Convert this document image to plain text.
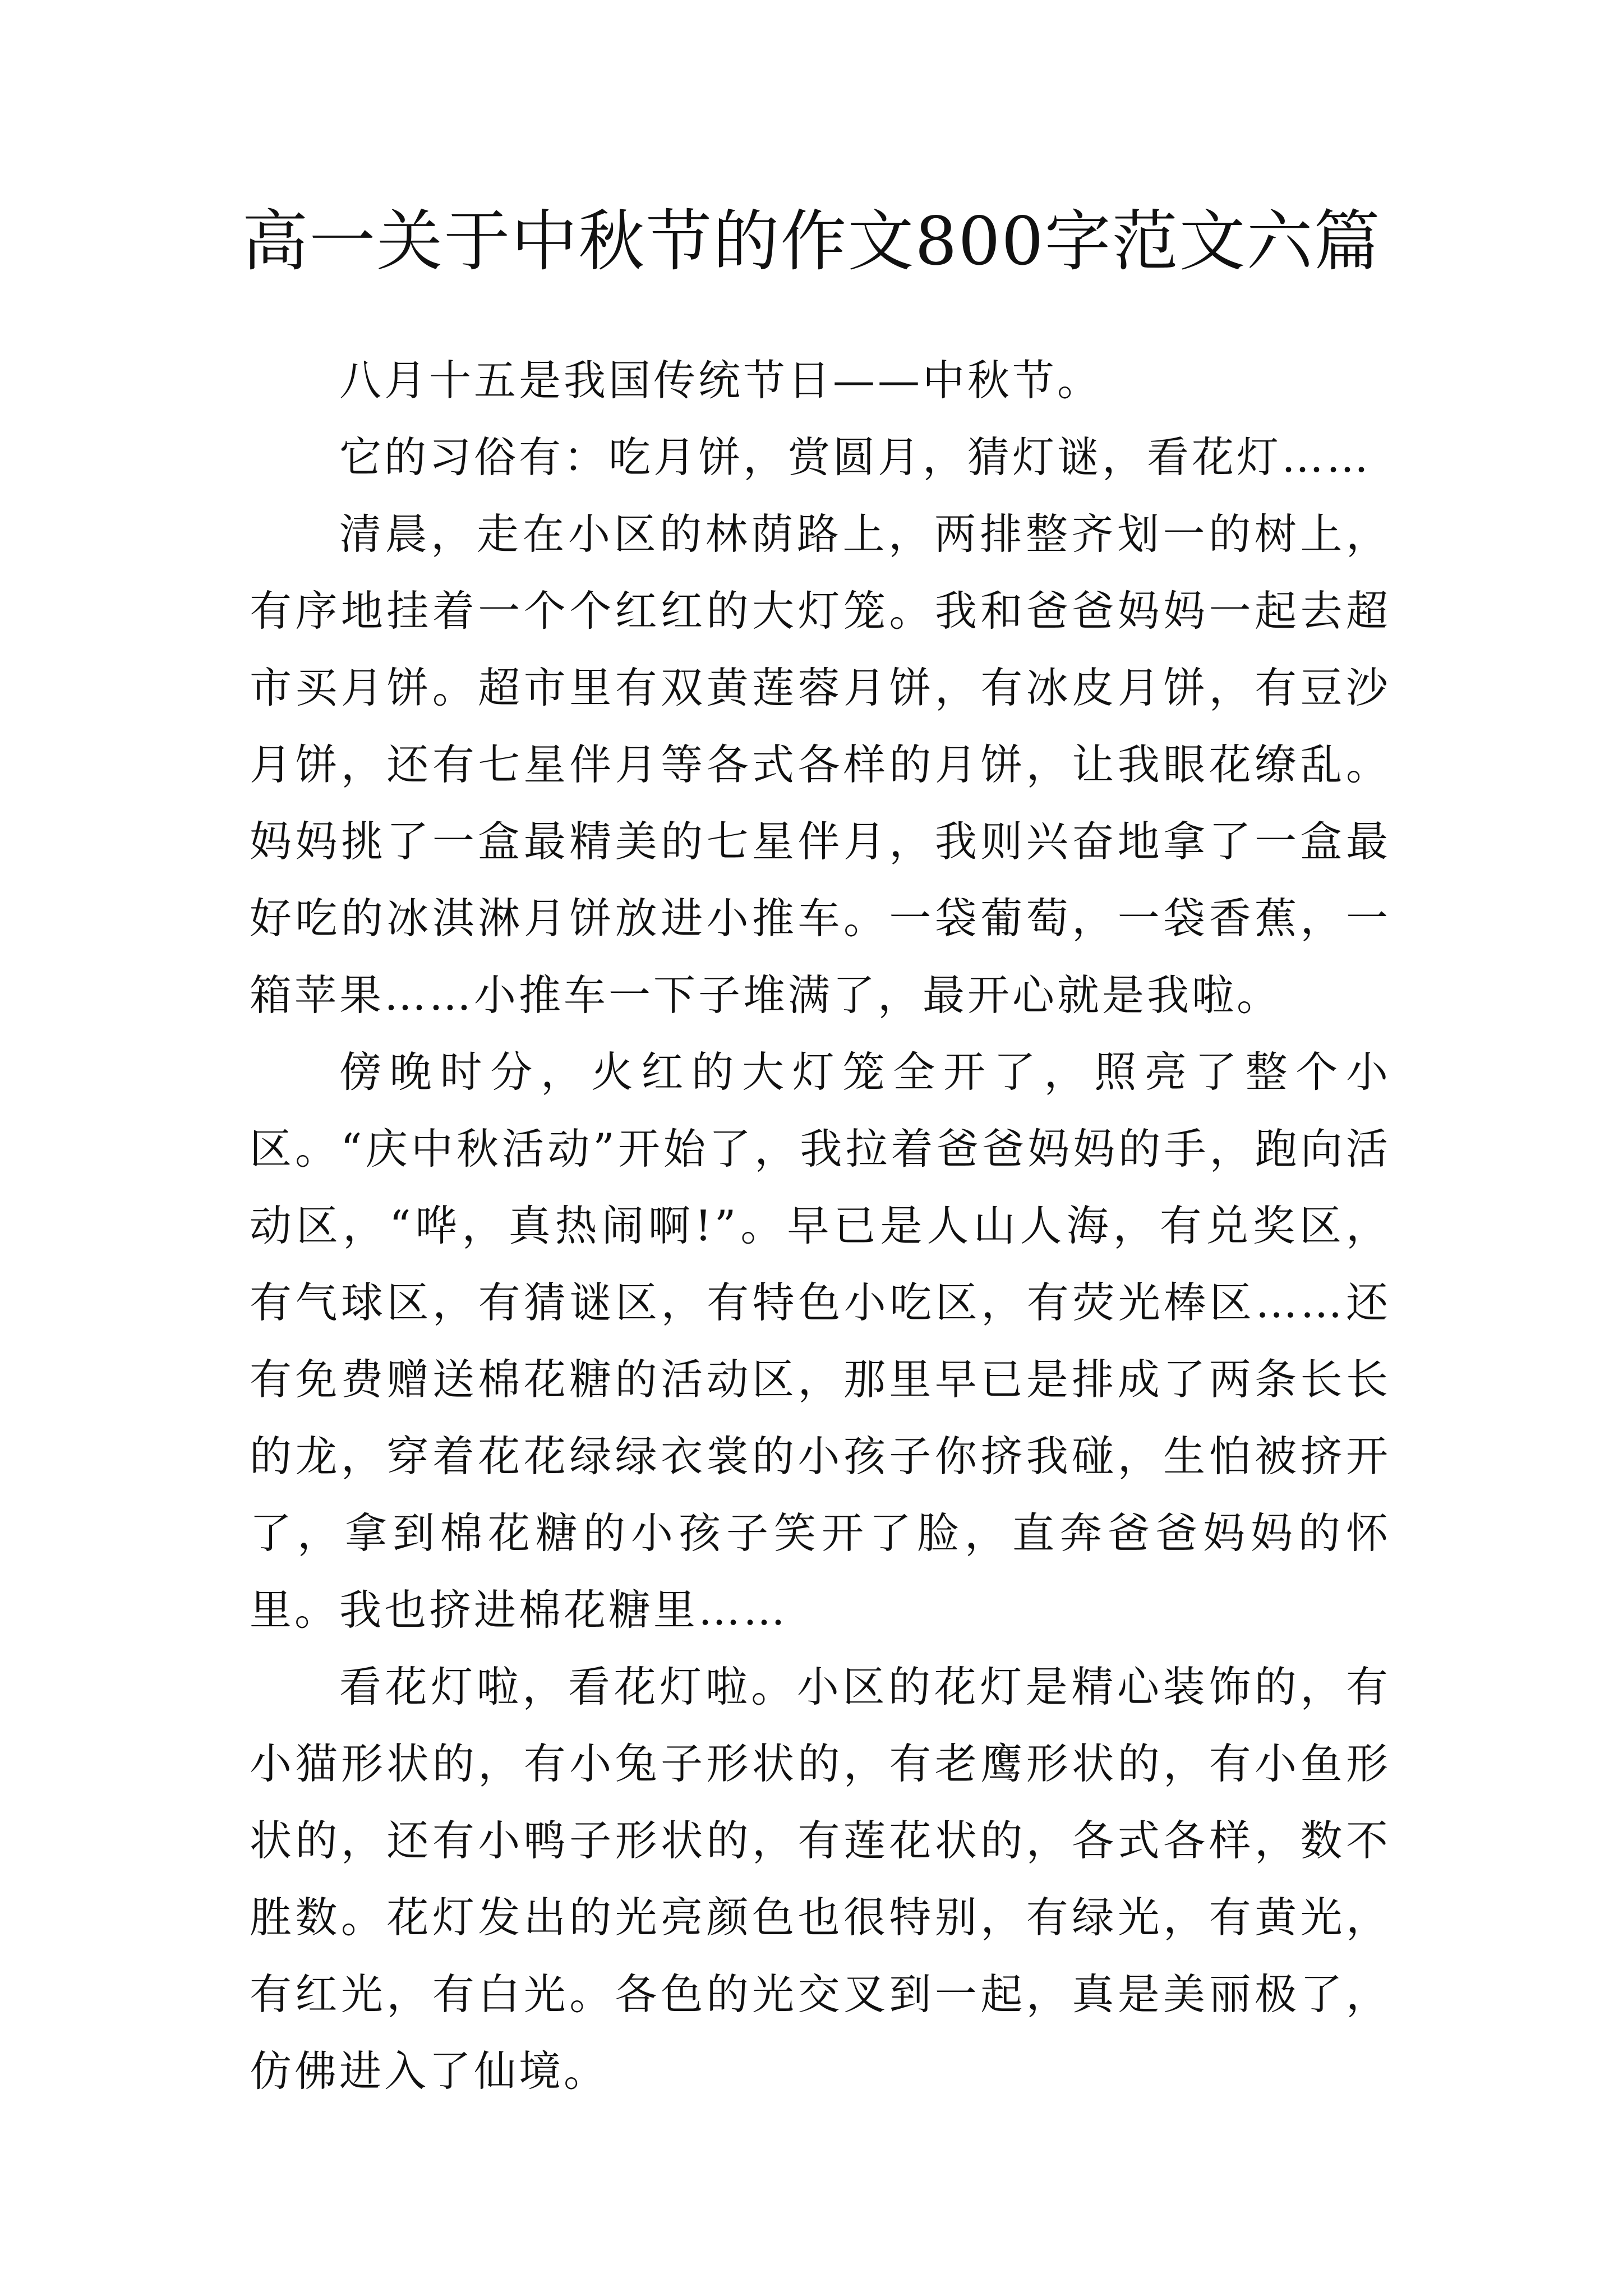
高一关于中秋节的作文800字范文六篇

八月十五是我国传统节日——中秋节。

它的习俗有：吃月饼，赏圆月，猜灯谜，看花灯……

清晨，走在小区的林荫路上，两排整齐划一的树上，有序地挂着一个个红红的大灯笼。我和爸爸妈妈一起去超市买月饼。超市里有双黄莲蓉月饼，有冰皮月饼，有豆沙月饼，还有七星伴月等各式各样的月饼，让我眼花缭乱。妈妈挑了一盒最精美的七星伴月，我则兴奋地拿了一盒最好吃的冰淇淋月饼放进小推车。一袋葡萄，一袋香蕉，一箱苹果……小推车一下子堆满了，最开心就是我啦。

傍晚时分，火红的大灯笼全开了，照亮了整个小区。“庆中秋活动”开始了，我拉着爸爸妈妈的手，跑向活动区，“哗，真热闹啊!”。早已是人山人海，有兑奖区，有气球区，有猜谜区，有特色小吃区，有荧光棒区……还有免费赠送棉花糖的活动区，那里早已是排成了两条长长的龙，穿着花花绿绿衣裳的小孩子你挤我碰，生怕被挤开了，拿到棉花糖的小孩子笑开了脸，直奔爸爸妈妈的怀里。我也挤进棉花糖里……

看花灯啦，看花灯啦。小区的花灯是精心装饰的，有小猫形状的，有小兔子形状的，有老鹰形状的，有小鱼形状的，还有小鸭子形状的，有莲花状的，各式各样，数不胜数。花灯发出的光亮颜色也很特别，有绿光，有黄光，有红光，有白光。各色的光交叉到一起，真是美丽极了，仿佛进入了仙境。
